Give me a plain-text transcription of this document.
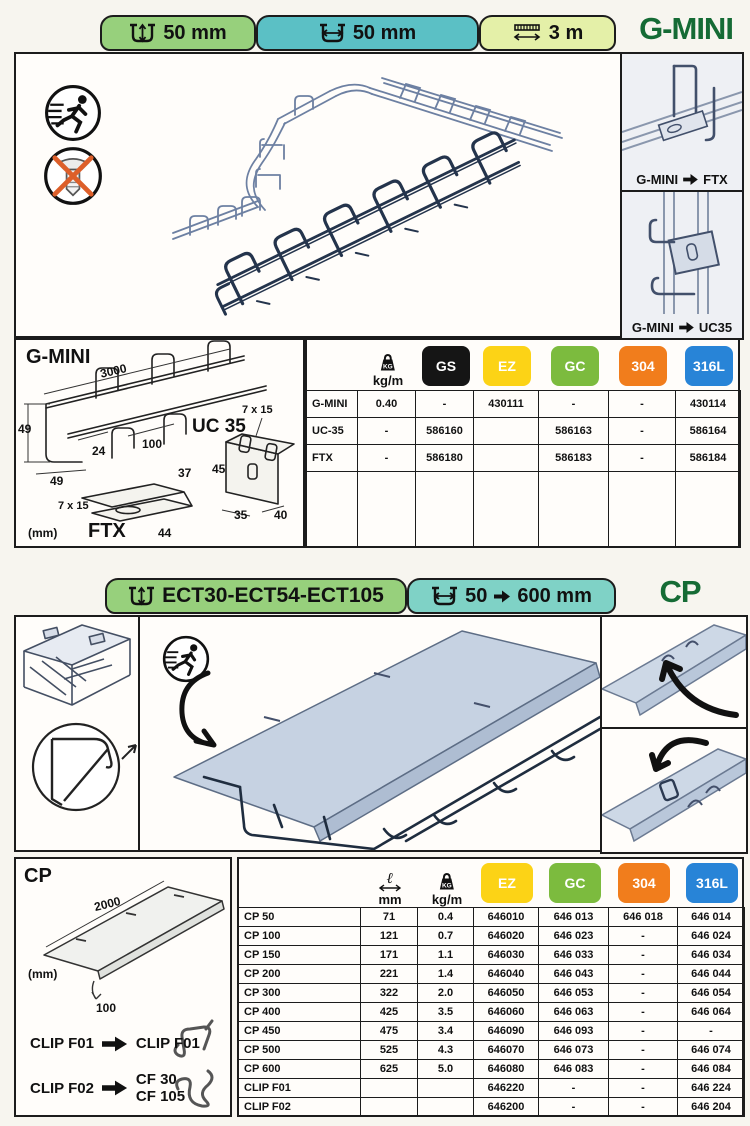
50 mm	50 mm	3 m	G-MINI
G-MINI FTX
G-MINI UC35
G-MINI
3000
49
24
49
100
UC 35
7 x 15
45
35 40
37
7 x 15
FTX	44
(mm)
KG
kg/m
GS	EZ	GC	304	316L
G-MINI	0.40	-	430111	-	-	430114
UC-35	-	586160		586163	-	586164
FTX	-	586180		586183	-	586184

ECT30-ECT54-ECT105	50 600 mm	CP
CP
2000
(mm)
100
CLIP F01	CLIP F01
CLIP F02
CF 30
CF 105
ℓ
mm
KG
kg/m
EZ	GC	304	316L
CP 50	71	0.4	646010	646 013	646 018	646 014
CP 100	121	0.7	646020	646 023	-	646 024
CP 150	171	1.1	646030	646 033	-	646 034
CP 200	221	1.4	646040	646 043	-	646 044
CP 300	322	2.0	646050	646 053	-	646 054
CP 400	425	3.5	646060	646 063	-	646 064
CP 450	475	3.4	646090	646 093	-	-
CP 500	525	4.3	646070	646 073	-	646 074
CP 600	625	5.0	646080	646 083	-	646 084
CLIP F01			646220	-	-	646 224
CLIP F02			646200	-	-	646 204
